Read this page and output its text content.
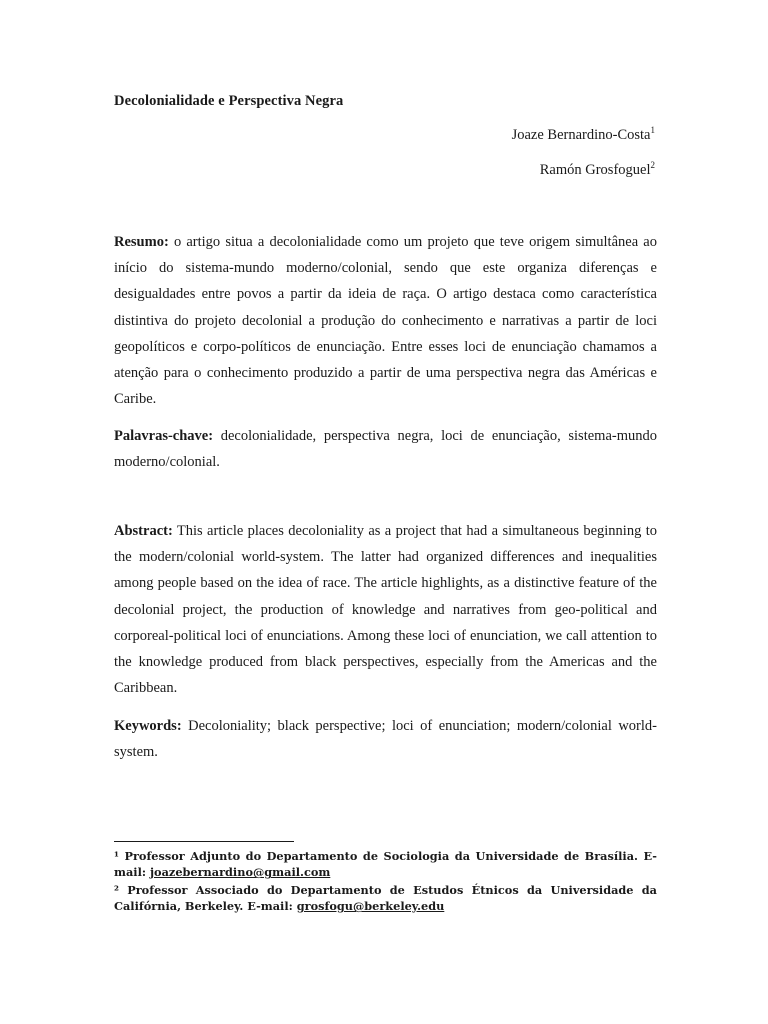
Decolonialidade e Perspectiva Negra
Joaze Bernardino-Costa$^1$
Ramón Grosfoguel$^2$
Resumo: o artigo situa a decolonialidade como um projeto que teve origem simultânea ao início do sistema-mundo moderno/colonial, sendo que este organiza diferenças e desigualdades entre povos a partir da ideia de raça. O artigo destaca como característica distintiva do projeto decolonial a produção do conhecimento e narrativas a partir de loci geopolíticos e corpo-políticos de enunciação. Entre esses loci de enunciação chamamos a atenção para o conhecimento produzido a partir de uma perspectiva negra das Américas e Caribe.
Palavras-chave: decolonialidade, perspectiva negra, loci de enunciação, sistema-mundo moderno/colonial.
Abstract: This article places decoloniality as a project that had a simultaneous beginning to the modern/colonial world-system. The latter had organized differences and inequalities among people based on the idea of race. The article highlights, as a distinctive feature of the decolonial project, the production of knowledge and narratives from geo-political and corporeal-political loci of enunciations. Among these loci of enunciation, we call attention to the knowledge produced from black perspectives, especially from the Americas and the Caribbean.
Keywords: Decoloniality; black perspective; loci of enunciation; modern/colonial world-system.

¹ Professor Adjunto do Departamento de Sociologia da Universidade de Brasília. E-mail: joazebernardino@gmail.com

² Professor Associado do Departamento de Estudos Étnicos da Universidade da Califórnia, Berkeley. E-mail: grosfogu@berkeley.edu
